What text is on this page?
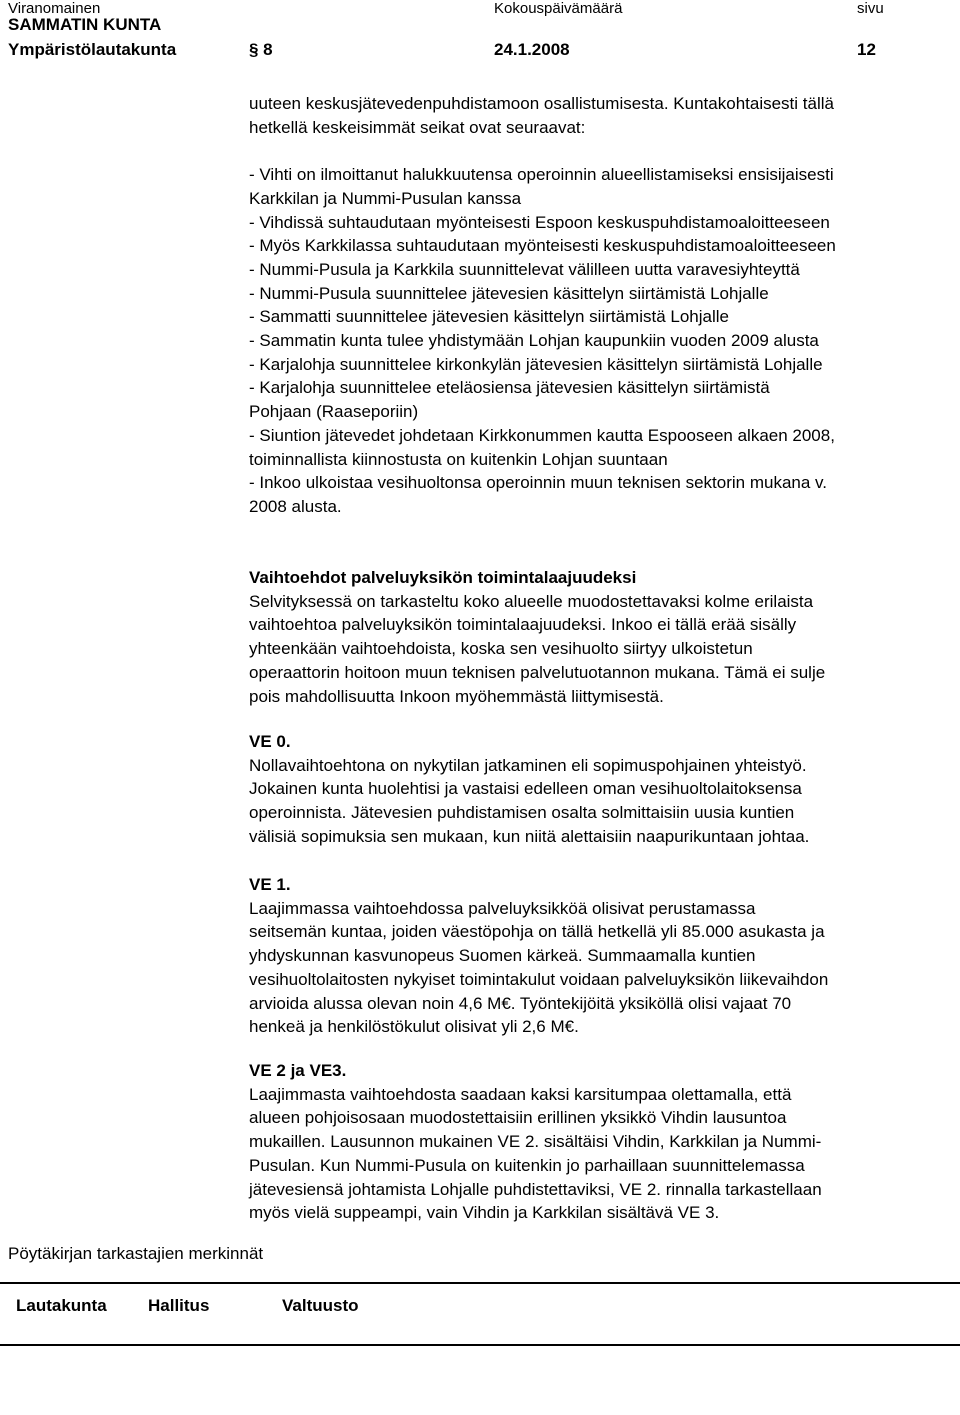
Viranomainen	Kokouspäivämäärä	sivu
SAMMATIN KUNTA
Ympäristölautakunta	§ 8	24.1.2008	12

uuteen keskusjätevedenpuhdistamoon osallistumisesta. Kuntakohtaisesti tällä

hetkellä keskeisimmät seikat ovat seuraavat:

- Vihti on ilmoittanut halukkuutensa operoinnin alueellistamiseksi ensisijaisesti

Karkkilan ja Nummi-Pusulan kanssa

- Vihdissä suhtaudutaan myönteisesti Espoon keskuspuhdistamoaloitteeseen

- Myös Karkkilassa suhtaudutaan myönteisesti keskuspuhdistamoaloitteeseen

- Nummi-Pusula ja Karkkila suunnittelevat välilleen uutta varavesiyhteyttä

- Nummi-Pusula suunnittelee jätevesien käsittelyn siirtämistä Lohjalle

- Sammatti suunnittelee jätevesien käsittelyn siirtämistä Lohjalle

- Sammatin kunta tulee yhdistymään Lohjan kaupunkiin vuoden 2009 alusta

- Karjalohja suunnittelee kirkonkylän jätevesien käsittelyn siirtämistä Lohjalle

- Karjalohja suunnittelee eteläosiensa jätevesien käsittelyn siirtämistä

Pohjaan (Raaseporiin)

- Siuntion jätevedet johdetaan Kirkkonummen kautta Espooseen alkaen 2008,

toiminnallista kiinnostusta on kuitenkin Lohjan suuntaan

- Inkoo ulkoistaa vesihuoltonsa operoinnin muun teknisen sektorin mukana v.

2008 alusta.

Vaihtoehdot palveluyksikön toimintalaajuudeksi

Selvityksessä on tarkasteltu koko alueelle muodostettavaksi kolme erilaista

vaihtoehtoa palveluyksikön toimintalaajuudeksi. Inkoo ei tällä erää sisälly

yhteenkään vaihtoehdoista, koska sen vesihuolto siirtyy ulkoistetun

operaattorin hoitoon muun teknisen palvelutuotannon mukana. Tämä ei sulje

pois mahdollisuutta Inkoon myöhemmästä liittymisestä.

VE 0.

Nollavaihtoehtona on nykytilan jatkaminen eli sopimuspohjainen yhteistyö.

Jokainen kunta huolehtisi ja vastaisi edelleen oman vesihuoltolaitoksensa

operoinnista. Jätevesien puhdistamisen osalta solmittaisiin uusia kuntien

välisiä sopimuksia sen mukaan, kun niitä alettaisiin naapurikuntaan johtaa.

VE 1.

Laajimmassa vaihtoehdossa palveluyksikköä olisivat perustamassa

seitsemän kuntaa, joiden väestöpohja on tällä hetkellä yli 85.000 asukasta ja

yhdyskunnan kasvunopeus Suomen kärkeä. Summaamalla kuntien

vesihuoltolaitosten nykyiset toimintakulut voidaan palveluyksikön liikevaihdon

arvioida alussa olevan noin 4,6 M€. Työntekijöitä yksiköllä olisi vajaat 70

henkeä ja henkilöstökulut olisivat yli 2,6 M€.

VE 2 ja VE3.

Laajimmasta vaihtoehdosta saadaan kaksi karsitumpaa olettamalla, että

alueen pohjoisosaan muodostettaisiin erillinen yksikkö Vihdin lausuntoa

mukaillen. Lausunnon mukainen VE 2. sisältäisi Vihdin, Karkkilan ja Nummi-

Pusulan. Kun Nummi-Pusula on kuitenkin jo parhaillaan suunnittelemassa

jätevesiensä johtamista Lohjalle puhdistettaviksi, VE 2. rinnalla tarkastellaan

myös vielä suppeampi, vain Vihdin ja Karkkilan sisältävä VE 3.

Pöytäkirjan tarkastajien merkinnät
Lautakunta Hallitus	Valtuusto
